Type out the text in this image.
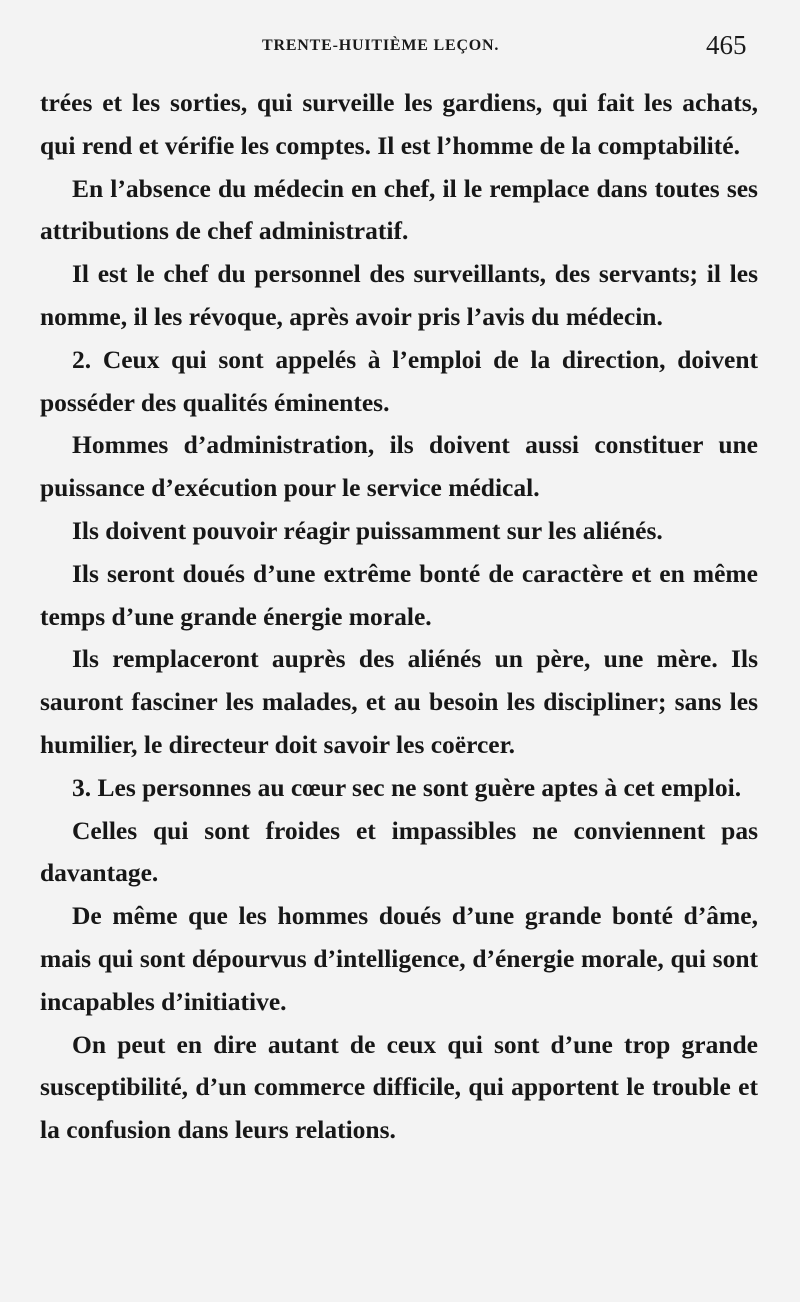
TRENTE-HUITIÈME LEÇON.	465

trées et les sorties, qui surveille les gardiens, qui fait les achats, qui rend et vérifie les comptes. Il est l’homme de la comptabilité.

En l’absence du médecin en chef, il le remplace dans toutes ses attributions de chef administratif.

Il est le chef du personnel des surveillants, des servants; il les nomme, il les révoque, après avoir pris l’avis du médecin.

2. Ceux qui sont appelés à l’emploi de la direction, doivent posséder des qualités éminentes.

Hommes d’administration, ils doivent aussi constituer une puissance d’exécution pour le service médical.

Ils doivent pouvoir réagir puissamment sur les aliénés.

Ils seront doués d’une extrême bonté de caractère et en même temps d’une grande énergie morale.

Ils remplaceront auprès des aliénés un père, une mère. Ils sauront fasciner les malades, et au besoin les discipliner; sans les humilier, le directeur doit savoir les coërcer.

3. Les personnes au cœur sec ne sont guère aptes à cet emploi.

Celles qui sont froides et impassibles ne conviennent pas davantage.

De même que les hommes doués d’une grande bonté d’âme, mais qui sont dépourvus d’intelligence, d’énergie morale, qui sont incapables d’initiative.

On peut en dire autant de ceux qui sont d’une trop grande susceptibilité, d’un commerce difficile, qui apportent le trouble et la confusion dans leurs relations.
